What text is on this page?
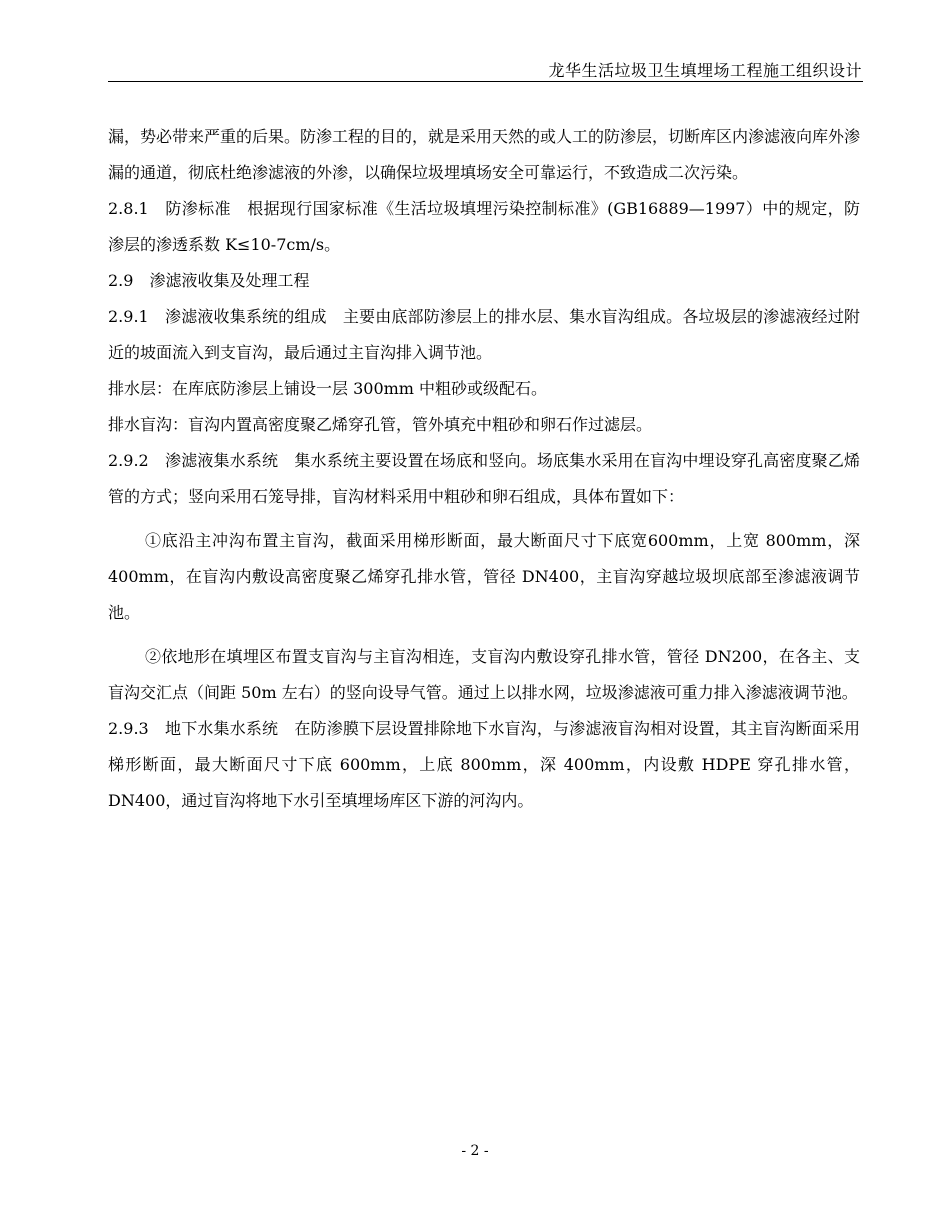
龙华生活垃圾卫生填埋场工程施工组织设计

漏，势必带来严重的后果。防渗工程的目的，就是采用天然的或人工的防渗层，切断库区内渗滤液向库外渗漏的通道，彻底杜绝渗滤液的外渗，以确保垃圾埋填场安全可靠运行，不致造成二次污染。

2.8.1　防渗标准　根据现行国家标准《生活垃圾填埋污染控制标准》(GB16889—1997）中的规定，防渗层的渗透系数 K≤10-7cm/s。

2.9　渗滤液收集及处理工程

2.9.1　渗滤液收集系统的组成　主要由底部防渗层上的排水层、集水盲沟组成。各垃圾层的渗滤液经过附近的坡面流入到支盲沟，最后通过主盲沟排入调节池。

排水层：在库底防渗层上铺设一层 300mm 中粗砂或级配石。

排水盲沟：盲沟内置高密度聚乙烯穿孔管，管外填充中粗砂和卵石作过滤层。

2.9.2　渗滤液集水系统　集水系统主要设置在场底和竖向。场底集水采用在盲沟中埋设穿孔高密度聚乙烯管的方式；竖向采用石笼导排，盲沟材料采用中粗砂和卵石组成，具体布置如下：

①底沿主冲沟布置主盲沟，截面采用梯形断面，最大断面尺寸下底宽600mm，上宽 800mm，深 400mm，在盲沟内敷设高密度聚乙烯穿孔排水管，管径 DN400，主盲沟穿越垃圾坝底部至渗滤液调节池。

②依地形在填埋区布置支盲沟与主盲沟相连，支盲沟内敷设穿孔排水管，管径 DN200，在各主、支盲沟交汇点（间距 50m 左右）的竖向设导气管。通过上以排水网，垃圾渗滤液可重力排入渗滤液调节池。

2.9.3　地下水集水系统　在防渗膜下层设置排除地下水盲沟，与渗滤液盲沟相对设置，其主盲沟断面采用梯形断面，最大断面尺寸下底 600mm，上底 800mm，深 400mm，内设敷 HDPE 穿孔排水管，DN400，通过盲沟将地下水引至填埋场库区下游的河沟内。

- 2 -
